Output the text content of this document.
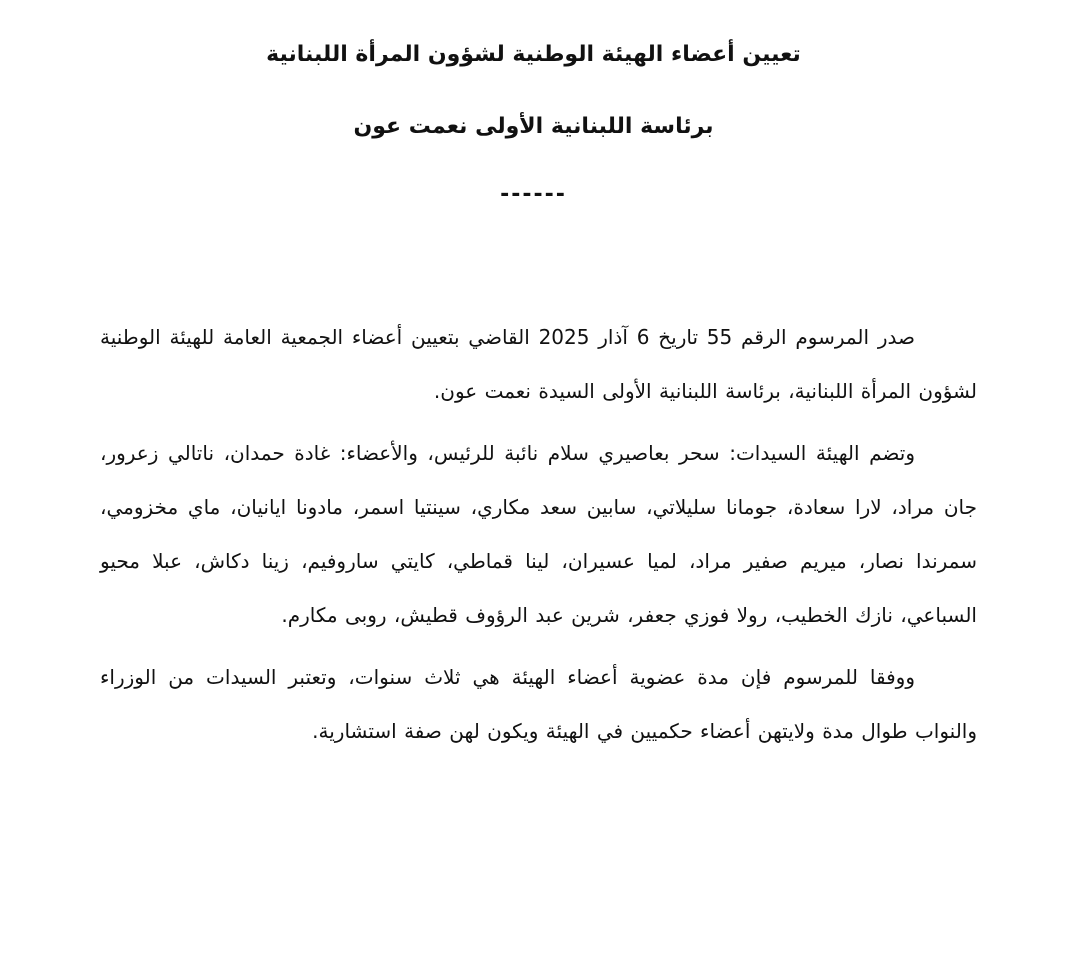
تعيين أعضاء الهيئة الوطنية لشؤون المرأة اللبنانية
برئاسة اللبنانية الأولى نعمت عون
------

صدر المرسوم الرقم 55 تاريخ 6 آذار 2025 القاضي بتعيين أعضاء الجمعية العامة للهيئة الوطنية لشؤون المرأة اللبنانية، برئاسة اللبنانية الأولى السيدة نعمت عون.

وتضم الهيئة السيدات: سحر بعاصيري سلام نائبة للرئيس، والأعضاء: غادة حمدان، ناتالي زعرور، جان مراد، لارا سعادة، جومانا سليلاتي، سابين سعد مكاري، سينتيا اسمر، مادونا ايانيان، ماي مخزومي، سمرندا نصار، ميريم صفير مراد، لميا عسيران، لينا قماطي، كايتي ساروفيم، زينا دكاش، عبلا محيو السباعي، نازك الخطيب، رولا فوزي جعفر، شرين عبد الرؤوف قطيش، روبى مكارم.

ووفقا للمرسوم فإن مدة عضوية أعضاء الهيئة هي ثلاث سنوات، وتعتبر السيدات من الوزراء والنواب طوال مدة ولايتهن أعضاء حكميين في الهيئة ويكون لهن صفة استشارية.
